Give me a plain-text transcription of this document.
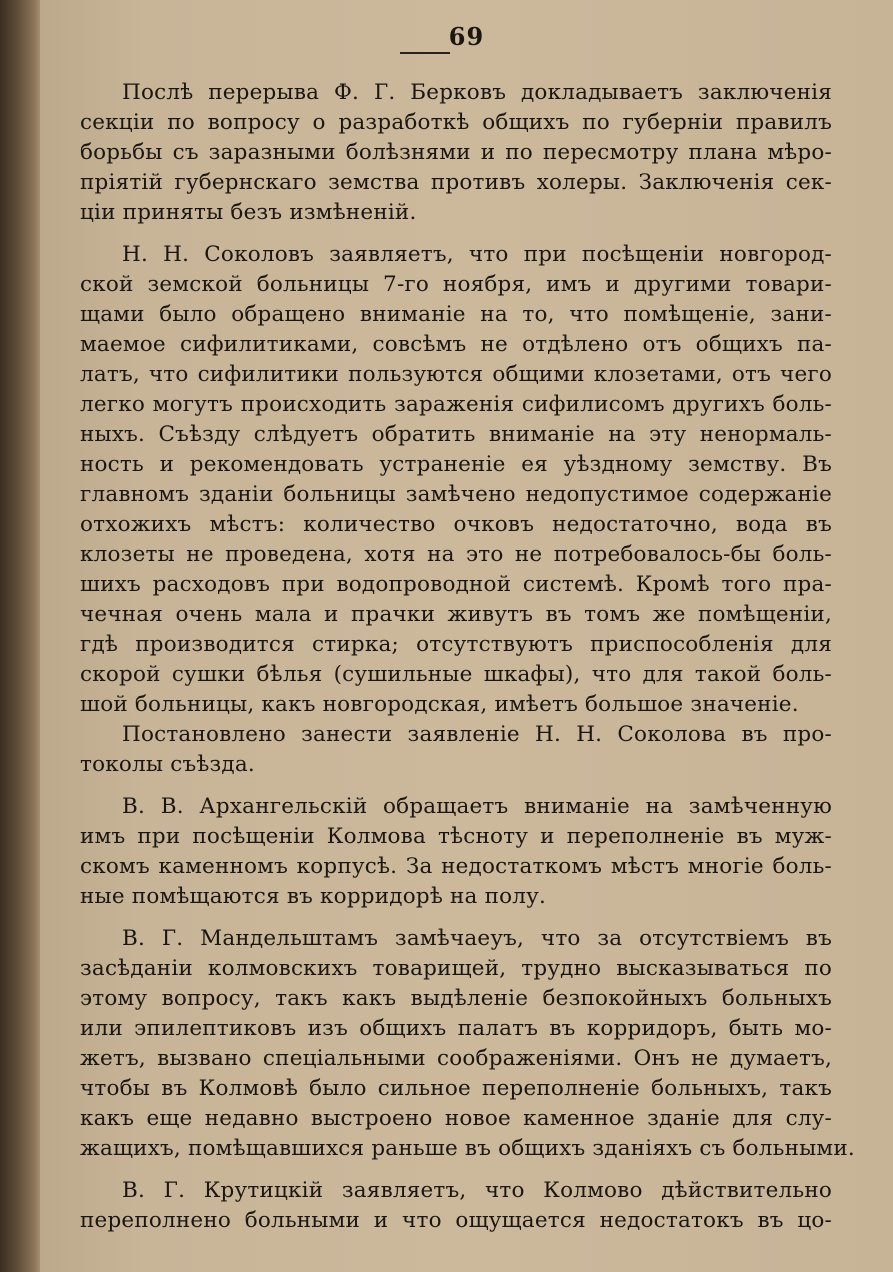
69
Послѣ перерыва Ф. Г. Берковъ докладываетъ заключенія
секціи по вопросу о разработкѣ общихъ по губерніи правилъ
борьбы съ заразными болѣзнями и по пересмотру плана мѣро-
пріятій губернскаго земства противъ холеры. Заключенія сек-
ціи приняты безъ измѣненій.
Н. Н. Соколовъ заявляетъ, что при посѣщеніи новгород-
ской земской больницы 7-го ноября, имъ и другими товари-
щами было обращено вниманіе на то, что помѣщеніе, зани-
маемое сифилитиками, совсѣмъ не отдѣлено отъ общихъ па-
латъ, что сифилитики пользуются общими клозетами, отъ чего
легко могутъ происходить зараженія сифилисомъ другихъ боль-
ныхъ. Съѣзду слѣдуетъ обратить вниманіе на эту ненормаль-
ность и рекомендовать устраненіе ея уѣздному земству. Въ
главномъ зданіи больницы замѣчено недопустимое содержаніе
отхожихъ мѣстъ: количество очковъ недостаточно, вода въ
клозеты не проведена, хотя на это не потребовалось-бы боль-
шихъ расходовъ при водопроводной системѣ. Кромѣ того пра-
чечная очень мала и прачки живутъ въ томъ же помѣщеніи,
гдѣ производится стирка; отсутствуютъ приспособленія для
скорой сушки бѣлья (сушильные шкафы), что для такой боль-
шой больницы, какъ новгородская, имѣетъ большое значеніе.
Постановлено занести заявленіе Н. Н. Соколова въ про-
токолы съѣзда.
В. В. Архангельскій обращаетъ вниманіе на замѣченную
имъ при посѣщеніи Колмова тѣсноту и переполненіе въ муж-
скомъ каменномъ корпусѣ. За недостаткомъ мѣстъ многіе боль-
ные помѣщаются въ корридорѣ на полу.
В. Г. Мандельштамъ замѣчаеуъ, что за отсутствіемъ въ
засѣданіи колмовскихъ товарищей, трудно высказываться по
этому вопросу, такъ какъ выдѣленіе безпокойныхъ больныхъ
или эпилептиковъ изъ общихъ палатъ въ корридоръ, быть мо-
жетъ, вызвано спеціальными соображеніями. Онъ не думаетъ,
чтобы въ Колмовѣ было сильное переполненіе больныхъ, такъ
какъ еще недавно выстроено новое каменное зданіе для слу-
жащихъ, помѣщавшихся раньше въ общихъ зданіяхъ съ больными.
В. Г. Крутицкій заявляетъ, что Колмово дѣйствительно
переполнено больными и что ощущается недостатокъ въ цо-
